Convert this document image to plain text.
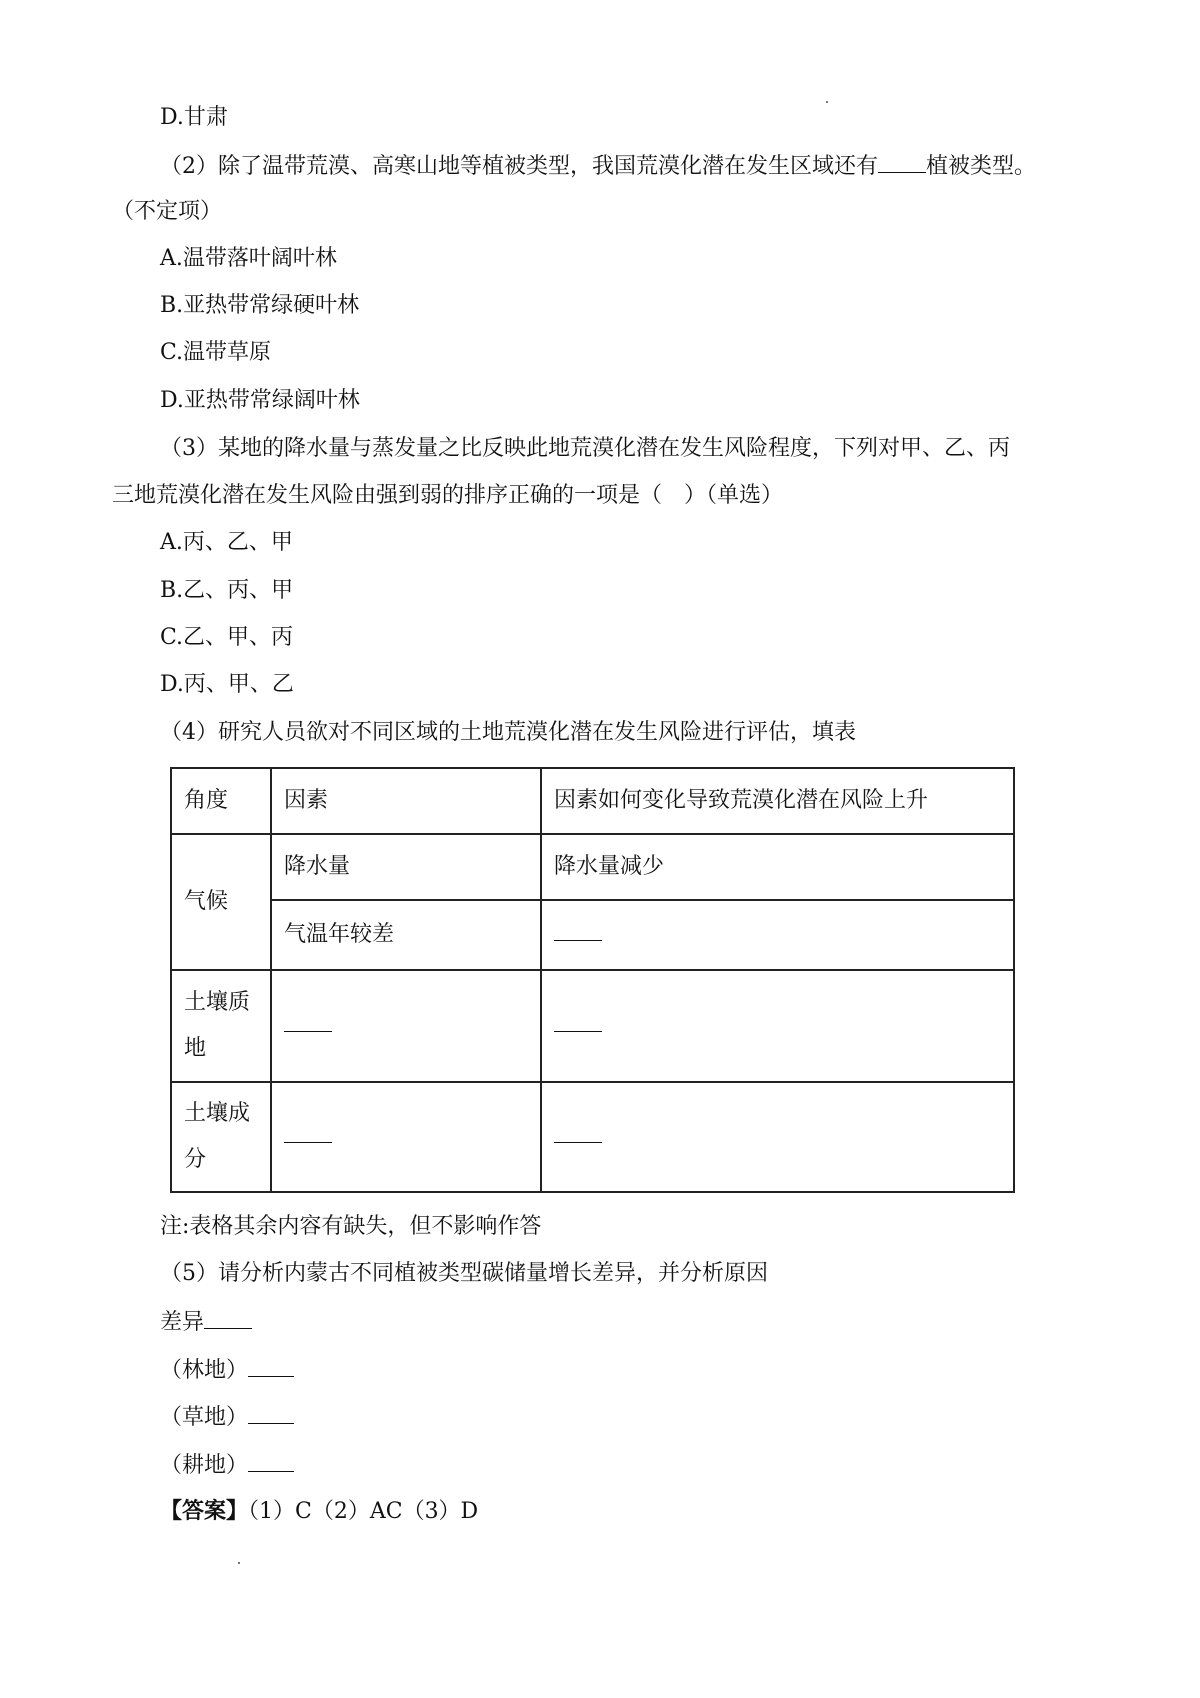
D.甘肃
（2）除了温带荒漠、高寒山地等植被类型，我国荒漠化潜在发生区域还有 植被类型。
（不定项）
A.温带落叶阔叶林
B.亚热带常绿硬叶林
C.温带草原
D.亚热带常绿阔叶林
（3）某地的降水量与蒸发量之比反映此地荒漠化潜在发生风险程度，下列对甲、乙、丙
三地荒漠化潜在发生风险由强到弱的排序正确的一项是（　）（单选）
A.丙、乙、甲
B.乙、丙、甲
C.乙、甲、丙
D.丙、甲、乙
（4）研究人员欲对不同区域的土地荒漠化潜在发生风险进行评估，填表
角度	因素	因素如何变化导致荒漠化潜在风险上升
气候	降水量	降水量减少
	气温年较差	
土壤质地		
土壤成分		
注:表格其余内容有缺失，但不影响作答
（5）请分析内蒙古不同植被类型碳储量增长差异，并分析原因
差异
（林地）
（草地）
（耕地）
【答案】（1）C（2）AC（3）D
